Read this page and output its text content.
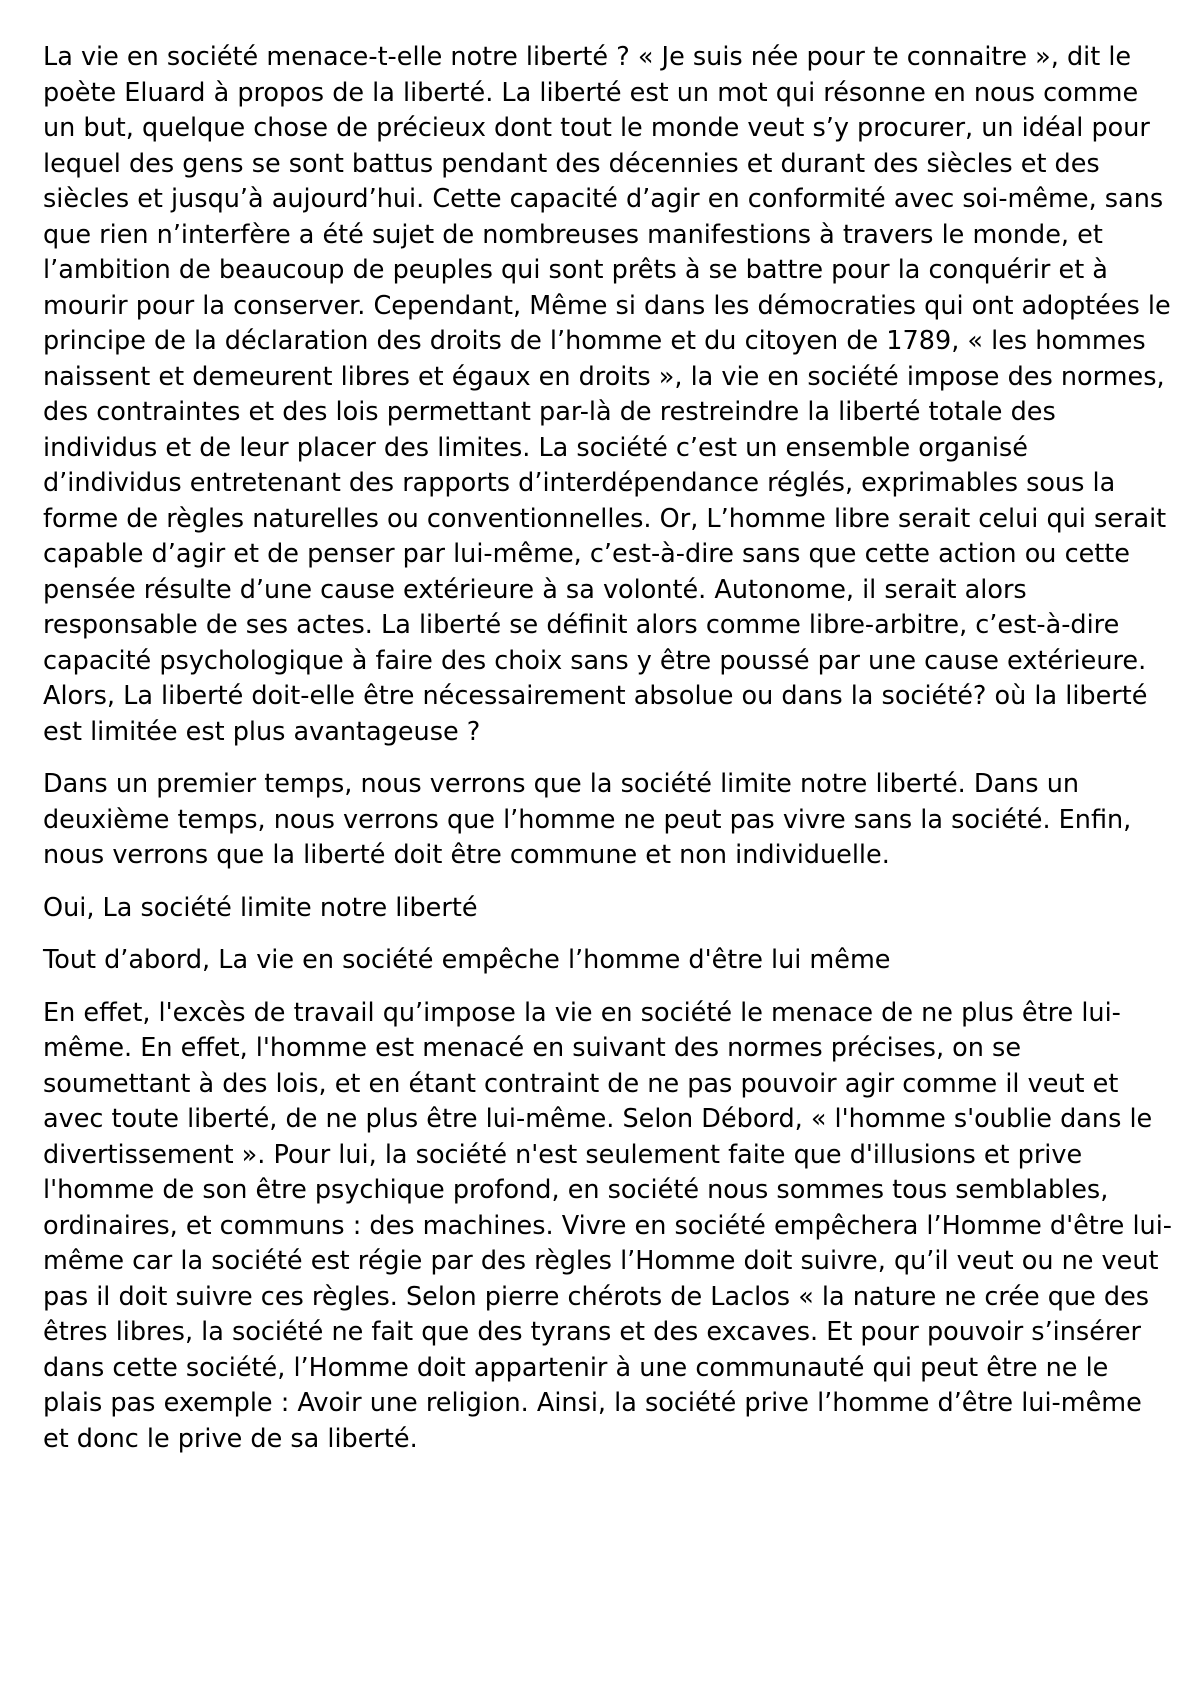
La vie en société menace-t-elle notre liberté ? « Je suis née pour te connaitre », dit le poète Eluard à propos de la liberté. La liberté est un mot qui résonne en nous comme un but, quelque chose de précieux dont tout le monde veut s’y procurer, un idéal pour lequel des gens se sont battus pendant des décennies et durant des siècles et des siècles et jusqu’à aujourd’hui. Cette capacité d’agir en conformité avec soi-même, sans que rien n’interfère a été sujet de nombreuses manifestions à travers le monde, et l’ambition de beaucoup de peuples qui sont prêts à se battre pour la conquérir et à mourir pour la conserver. Cependant, Même si dans les démocraties qui ont adoptées le principe de la déclaration des droits de l’homme et du citoyen de 1789, « les hommes naissent et demeurent libres et égaux en droits », la vie en société impose des normes, des contraintes et des lois permettant par-là de restreindre la liberté totale des individus et de leur placer des limites. La société c’est un ensemble organisé d’individus entretenant des rapports d’interdépendance réglés, exprimables sous la forme de règles naturelles ou conventionnelles. Or, L’homme libre serait celui qui serait capable d’agir et de penser par lui-même, c’est-à-dire sans que cette action ou cette pensée résulte d’une cause extérieure à sa volonté. Autonome, il serait alors responsable de ses actes. La liberté se définit alors comme libre-arbitre, c’est-à-dire capacité psychologique à faire des choix sans y être poussé par une cause extérieure. Alors, La liberté doit-elle être nécessairement absolue ou dans la société? où la liberté est limitée est plus avantageuse ?

Dans un premier temps, nous verrons que la société limite notre liberté. Dans un deuxième temps, nous verrons que l’homme ne peut pas vivre sans la société. Enfin, nous verrons que la liberté doit être commune et non individuelle.

Oui, La société limite notre liberté

Tout d’abord, La vie en société empêche l’homme d'être lui même

En effet, l'excès de travail qu’impose la vie en société le menace de ne plus être lui-même. En effet, l'homme est menacé en suivant des normes précises, on se soumettant à des lois, et en étant contraint de ne pas pouvoir agir comme il veut et avec toute liberté, de ne plus être lui-même. Selon Débord, « l'homme s'oublie dans le divertissement ». Pour lui, la société n'est seulement faite que d'illusions et prive l'homme de son être psychique profond, en société nous sommes tous semblables, ordinaires, et communs : des machines. Vivre en société empêchera l’Homme d'être lui-même car la société est régie par des règles l’Homme doit suivre, qu’il veut ou ne veut pas il doit suivre ces règles. Selon pierre chérots de Laclos « la nature ne crée que des êtres libres, la société ne fait que des tyrans et des excaves. Et pour pouvoir s’insérer dans cette société, l’Homme doit appartenir à une communauté qui peut être ne le plais pas exemple : Avoir une religion. Ainsi, la société prive l’homme d’être lui-même et donc le prive de sa liberté.
